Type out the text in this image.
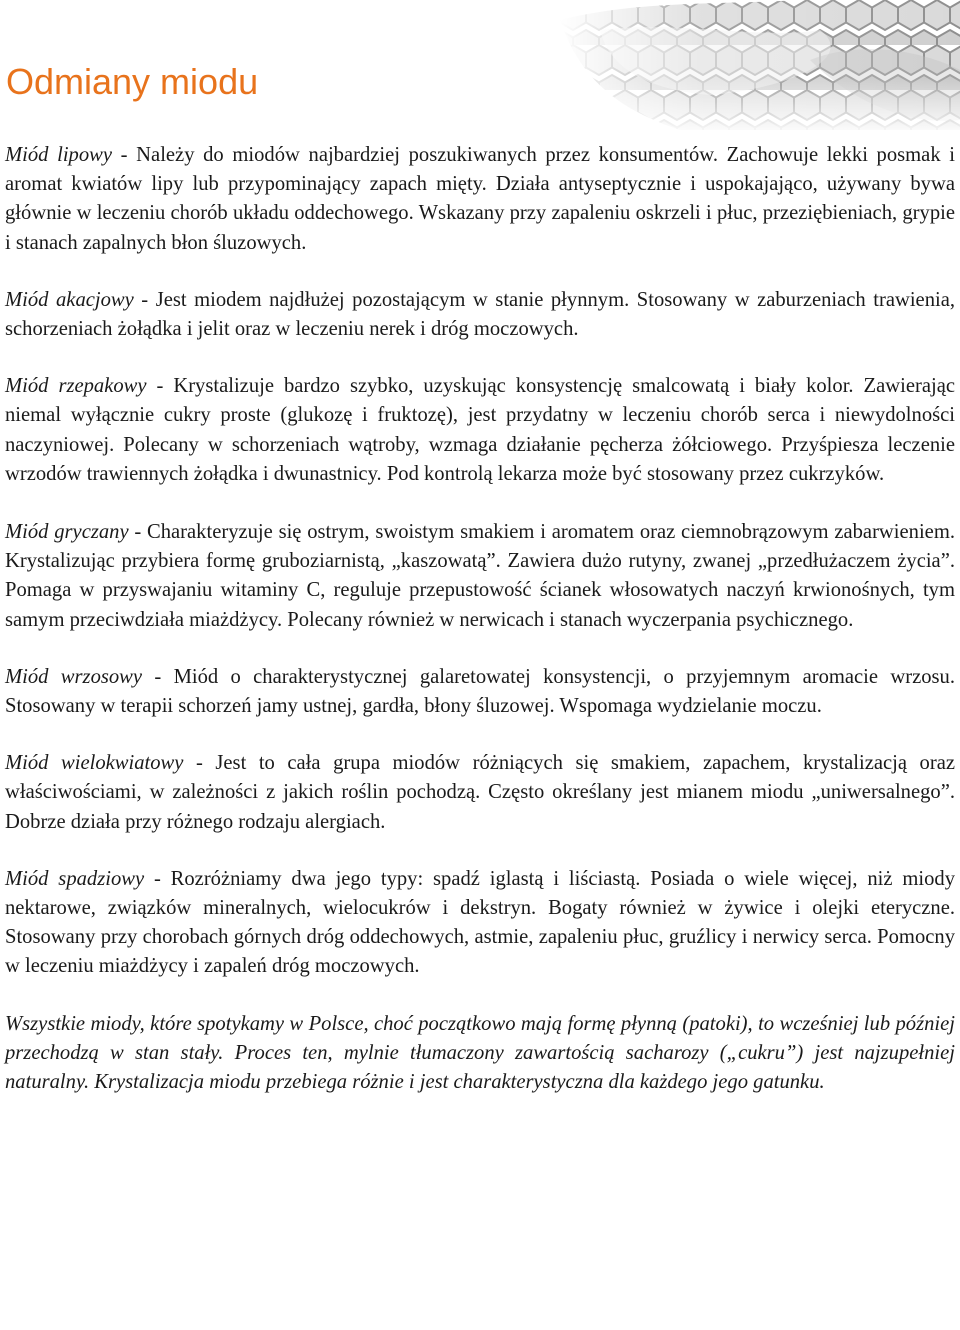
Odmiany miodu

Miód lipowy - Należy do miodów najbardziej poszukiwanych przez konsumentów. Zachowuje lekki posmak i aromat kwiatów lipy lub przypominający zapach mięty. Działa antyseptycznie i uspokajająco, używany bywa głównie w leczeniu chorób układu oddechowego. Wskazany przy zapaleniu oskrzeli i płuc, przeziębieniach, grypie i stanach zapalnych błon śluzowych.

Miód akacjowy - Jest miodem najdłużej pozostającym w stanie płynnym. Stosowany w zaburzeniach trawienia, schorzeniach żołądka i jelit oraz w leczeniu nerek i dróg moczowych.

Miód rzepakowy - Krystalizuje bardzo szybko, uzyskując konsystencję smalcowatą i biały kolor. Zawierając niemal wyłącznie cukry proste (glukozę i fruktozę), jest przydatny w leczeniu chorób serca i niewydolności naczyniowej. Polecany w schorzeniach wątroby, wzmaga działanie pęcherza żółciowego. Przyśpiesza leczenie wrzodów trawiennych żołądka i dwunastnicy. Pod kontrolą lekarza może być stosowany przez cukrzyków.

Miód gryczany - Charakteryzuje się ostrym, swoistym smakiem i aromatem oraz ciemnobrązowym zabarwieniem. Krystalizując przybiera formę gruboziarnistą, „kaszowatą”. Zawiera dużo rutyny, zwanej „przedłużaczem życia”. Pomaga w przyswajaniu witaminy C, reguluje przepustowość ścianek włosowatych naczyń krwionośnych, tym samym przeciwdziała miażdżycy. Polecany również w nerwicach i stanach wyczerpania psychicznego.

Miód wrzosowy - Miód o charakterystycznej galaretowatej konsystencji, o przyjemnym aromacie wrzosu. Stosowany w terapii schorzeń jamy ustnej, gardła, błony śluzowej. Wspomaga wydzielanie moczu.

Miód wielokwiatowy - Jest to cała grupa miodów różniących się smakiem, zapachem, krystalizacją oraz właściwościami, w zależności z jakich roślin pochodzą. Często określany jest mianem miodu „uniwersalnego”. Dobrze działa przy różnego rodzaju alergiach.

Miód spadziowy - Rozróżniamy dwa jego typy: spadź iglastą i liściastą. Posiada o wiele więcej, niż miody nektarowe, związków mineralnych, wielocukrów i dekstryn. Bogaty również w żywice i olejki eteryczne. Stosowany przy chorobach górnych dróg oddechowych, astmie, zapaleniu płuc, gruźlicy i nerwicy serca. Pomocny w leczeniu miażdżycy i zapaleń dróg moczowych.

Wszystkie miody, które spotykamy w Polsce, choć początkowo mają formę płynną (patoki), to wcześniej lub później przechodzą w stan stały. Proces ten, mylnie tłumaczony zawartością sacharozy („cukru”) jest najzupełniej naturalny. Krystalizacja miodu przebiega różnie i jest charakterystyczna dla każdego jego gatunku.
